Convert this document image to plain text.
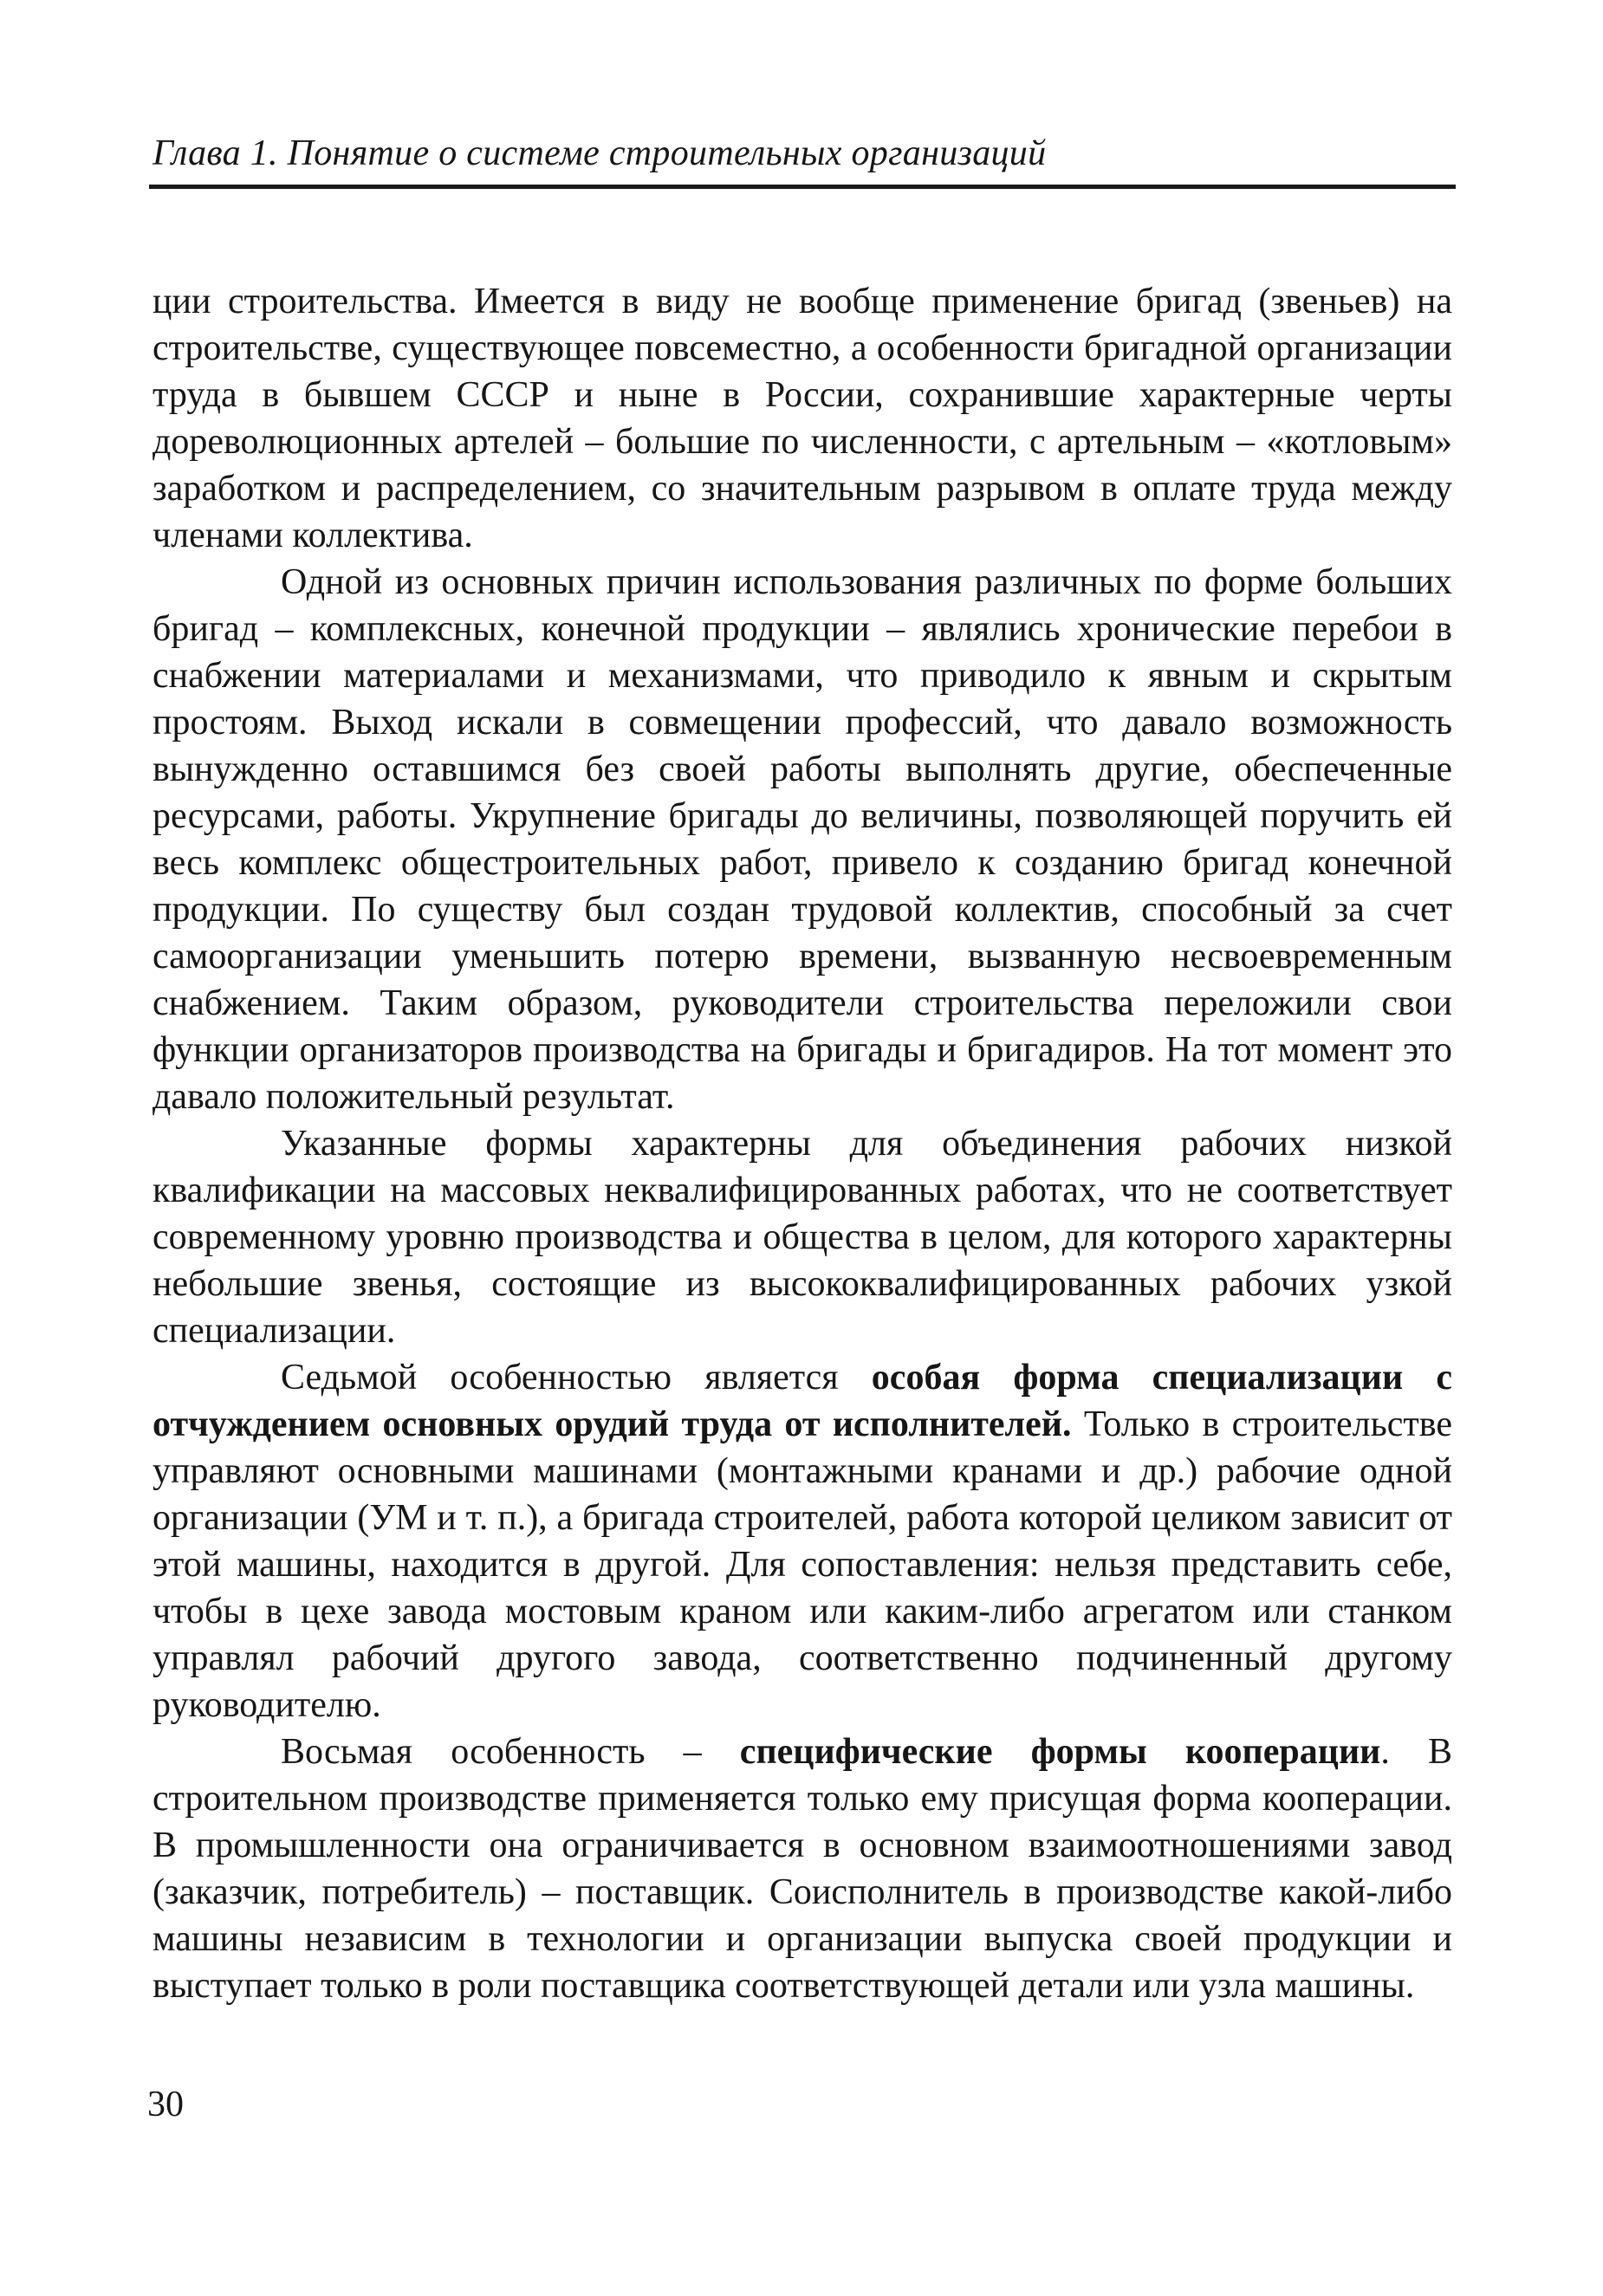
Глава 1. Понятие о системе строительных организаций

ции строительства. Имеется в виду не вообще применение бригад (звеньев) на строительстве, существующее повсеместно, а особенности бригадной организации труда в бывшем СССР и ныне в России, сохранившие характерные черты дореволюционных артелей – большие по численности, с артельным – «котловым» заработком и распределением, со значительным разрывом в оплате труда между членами коллектива.

Одной из основных причин использования различных по форме больших бригад – комплексных, конечной продукции – являлись хронические перебои в снабжении материалами и механизмами, что приводило к явным и скрытым простоям. Выход искали в совмещении профессий, что давало возможность вынужденно оставшимся без своей работы выполнять другие, обеспеченные ресурсами, работы. Укрупнение бригады до величины, позволяющей поручить ей весь комплекс общестроительных работ, привело к созданию бригад конечной продукции. По существу был создан трудовой коллектив, способный за счет самоорганизации уменьшить потерю времени, вызванную несвоевременным снабжением. Таким образом, руководители строительства переложили свои функции организаторов производства на бригады и бригадиров. На тот момент это давало положительный результат.

Указанные формы характерны для объединения рабочих низкой квалификации на массовых неквалифицированных работах, что не соответствует современному уровню производства и общества в целом, для которого характерны небольшие звенья, состоящие из высококвалифицированных рабочих узкой специализации.

Седьмой особенностью является особая форма специализации с отчуждением основных орудий труда от исполнителей. Только в строительстве управляют основными машинами (монтажными кранами и др.) рабочие одной организации (УМ и т. п.), а бригада строителей, работа которой целиком зависит от этой машины, находится в другой. Для сопоставления: нельзя представить себе, чтобы в цехе завода мостовым краном или каким-либо агрегатом или станком управлял рабочий другого завода, соответственно подчиненный другому руководителю.

Восьмая особенность – специфические формы кооперации. В строительном производстве применяется только ему присущая форма кооперации. В промышленности она ограничивается в основном взаимоотношениями завод (заказчик, потребитель) – поставщик. Соисполнитель в производстве какой-либо машины независим в технологии и организации выпуска своей продукции и выступает только в роли поставщика соответствующей детали или узла машины.

30
